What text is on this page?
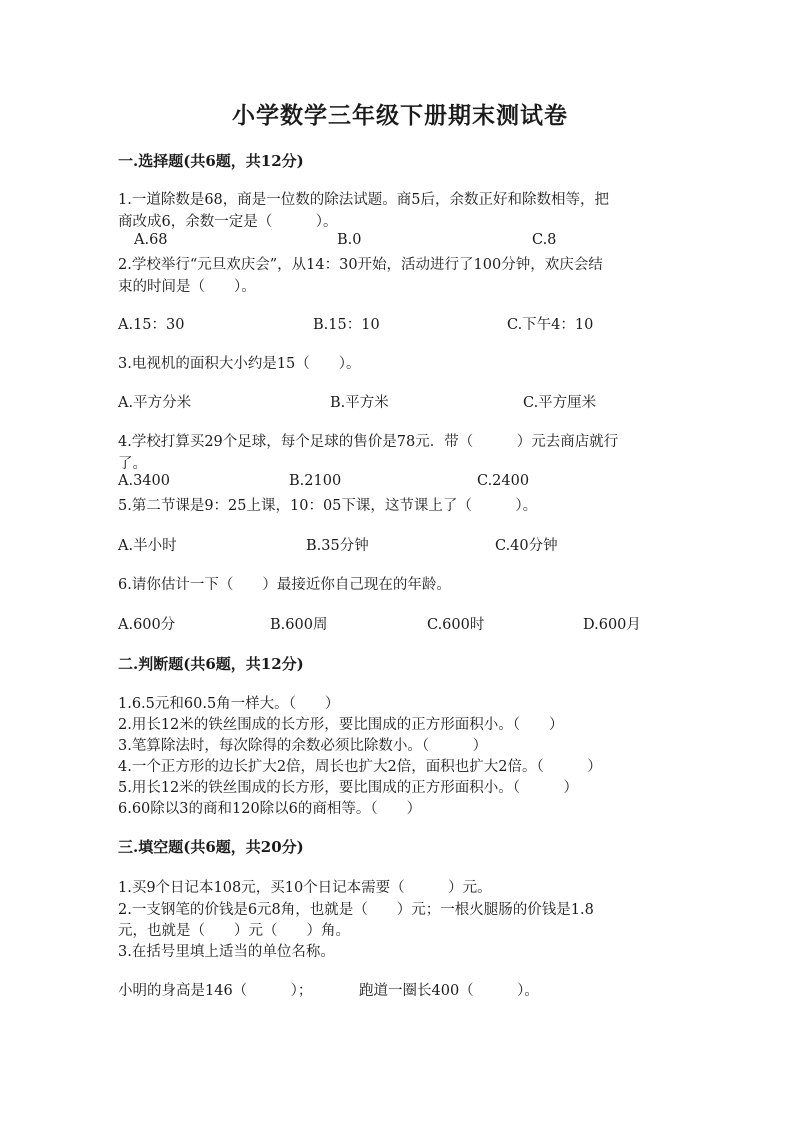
小学数学三年级下册期末测试卷
一.选择题(共6题，共12分)
1.一道除数是68，商是一位数的除法试题。商5后，余数正好和除数相等，把
商改成6，余数一定是（　　　）。
A.68	B.0	C.8
2.学校举行“元旦欢庆会”，从14：30开始，活动进行了100分钟，欢庆会结
束的时间是（　　）。
A.15：30	B.15：10	C.下午4：10
3.电视机的面积大小约是15（　　）。
A.平方分米	B.平方米	C.平方厘米
4.学校打算买29个足球，每个足球的售价是78元．带（　　　）元去商店就行
了。
A.3400	B.2100	C.2400
5.第二节课是9：25上课，10：05下课，这节课上了（　　　）。
A.半小时	B.35分钟	C.40分钟
6.请你估计一下（　　）最接近你自己现在的年龄。
A.600分	B.600周	C.600时	D.600月
二.判断题(共6题，共12分)
1.6.5元和60.5角一样大。（　　）
2.用长12米的铁丝围成的长方形，要比围成的正方形面积小。（　　）
3.笔算除法时，每次除得的余数必须比除数小。（　　　）
4.一个正方形的边长扩大2倍，周长也扩大2倍，面积也扩大2倍。（　　　）
5.用长12米的铁丝围成的长方形，要比围成的正方形面积小。（　　　）
6.60除以3的商和120除以6的商相等。（　　）
三.填空题(共6题，共20分)
1.买9个日记本108元，买10个日记本需要（　　　）元。
2.一支钢笔的价钱是6元8角，也就是（　　）元；一根火腿肠的价钱是1.8
元，也就是（　　）元（　　）角。
3.在括号里填上适当的单位名称。
小明的身高是146（　　　）；	跑道一圈长400（　　　）。
